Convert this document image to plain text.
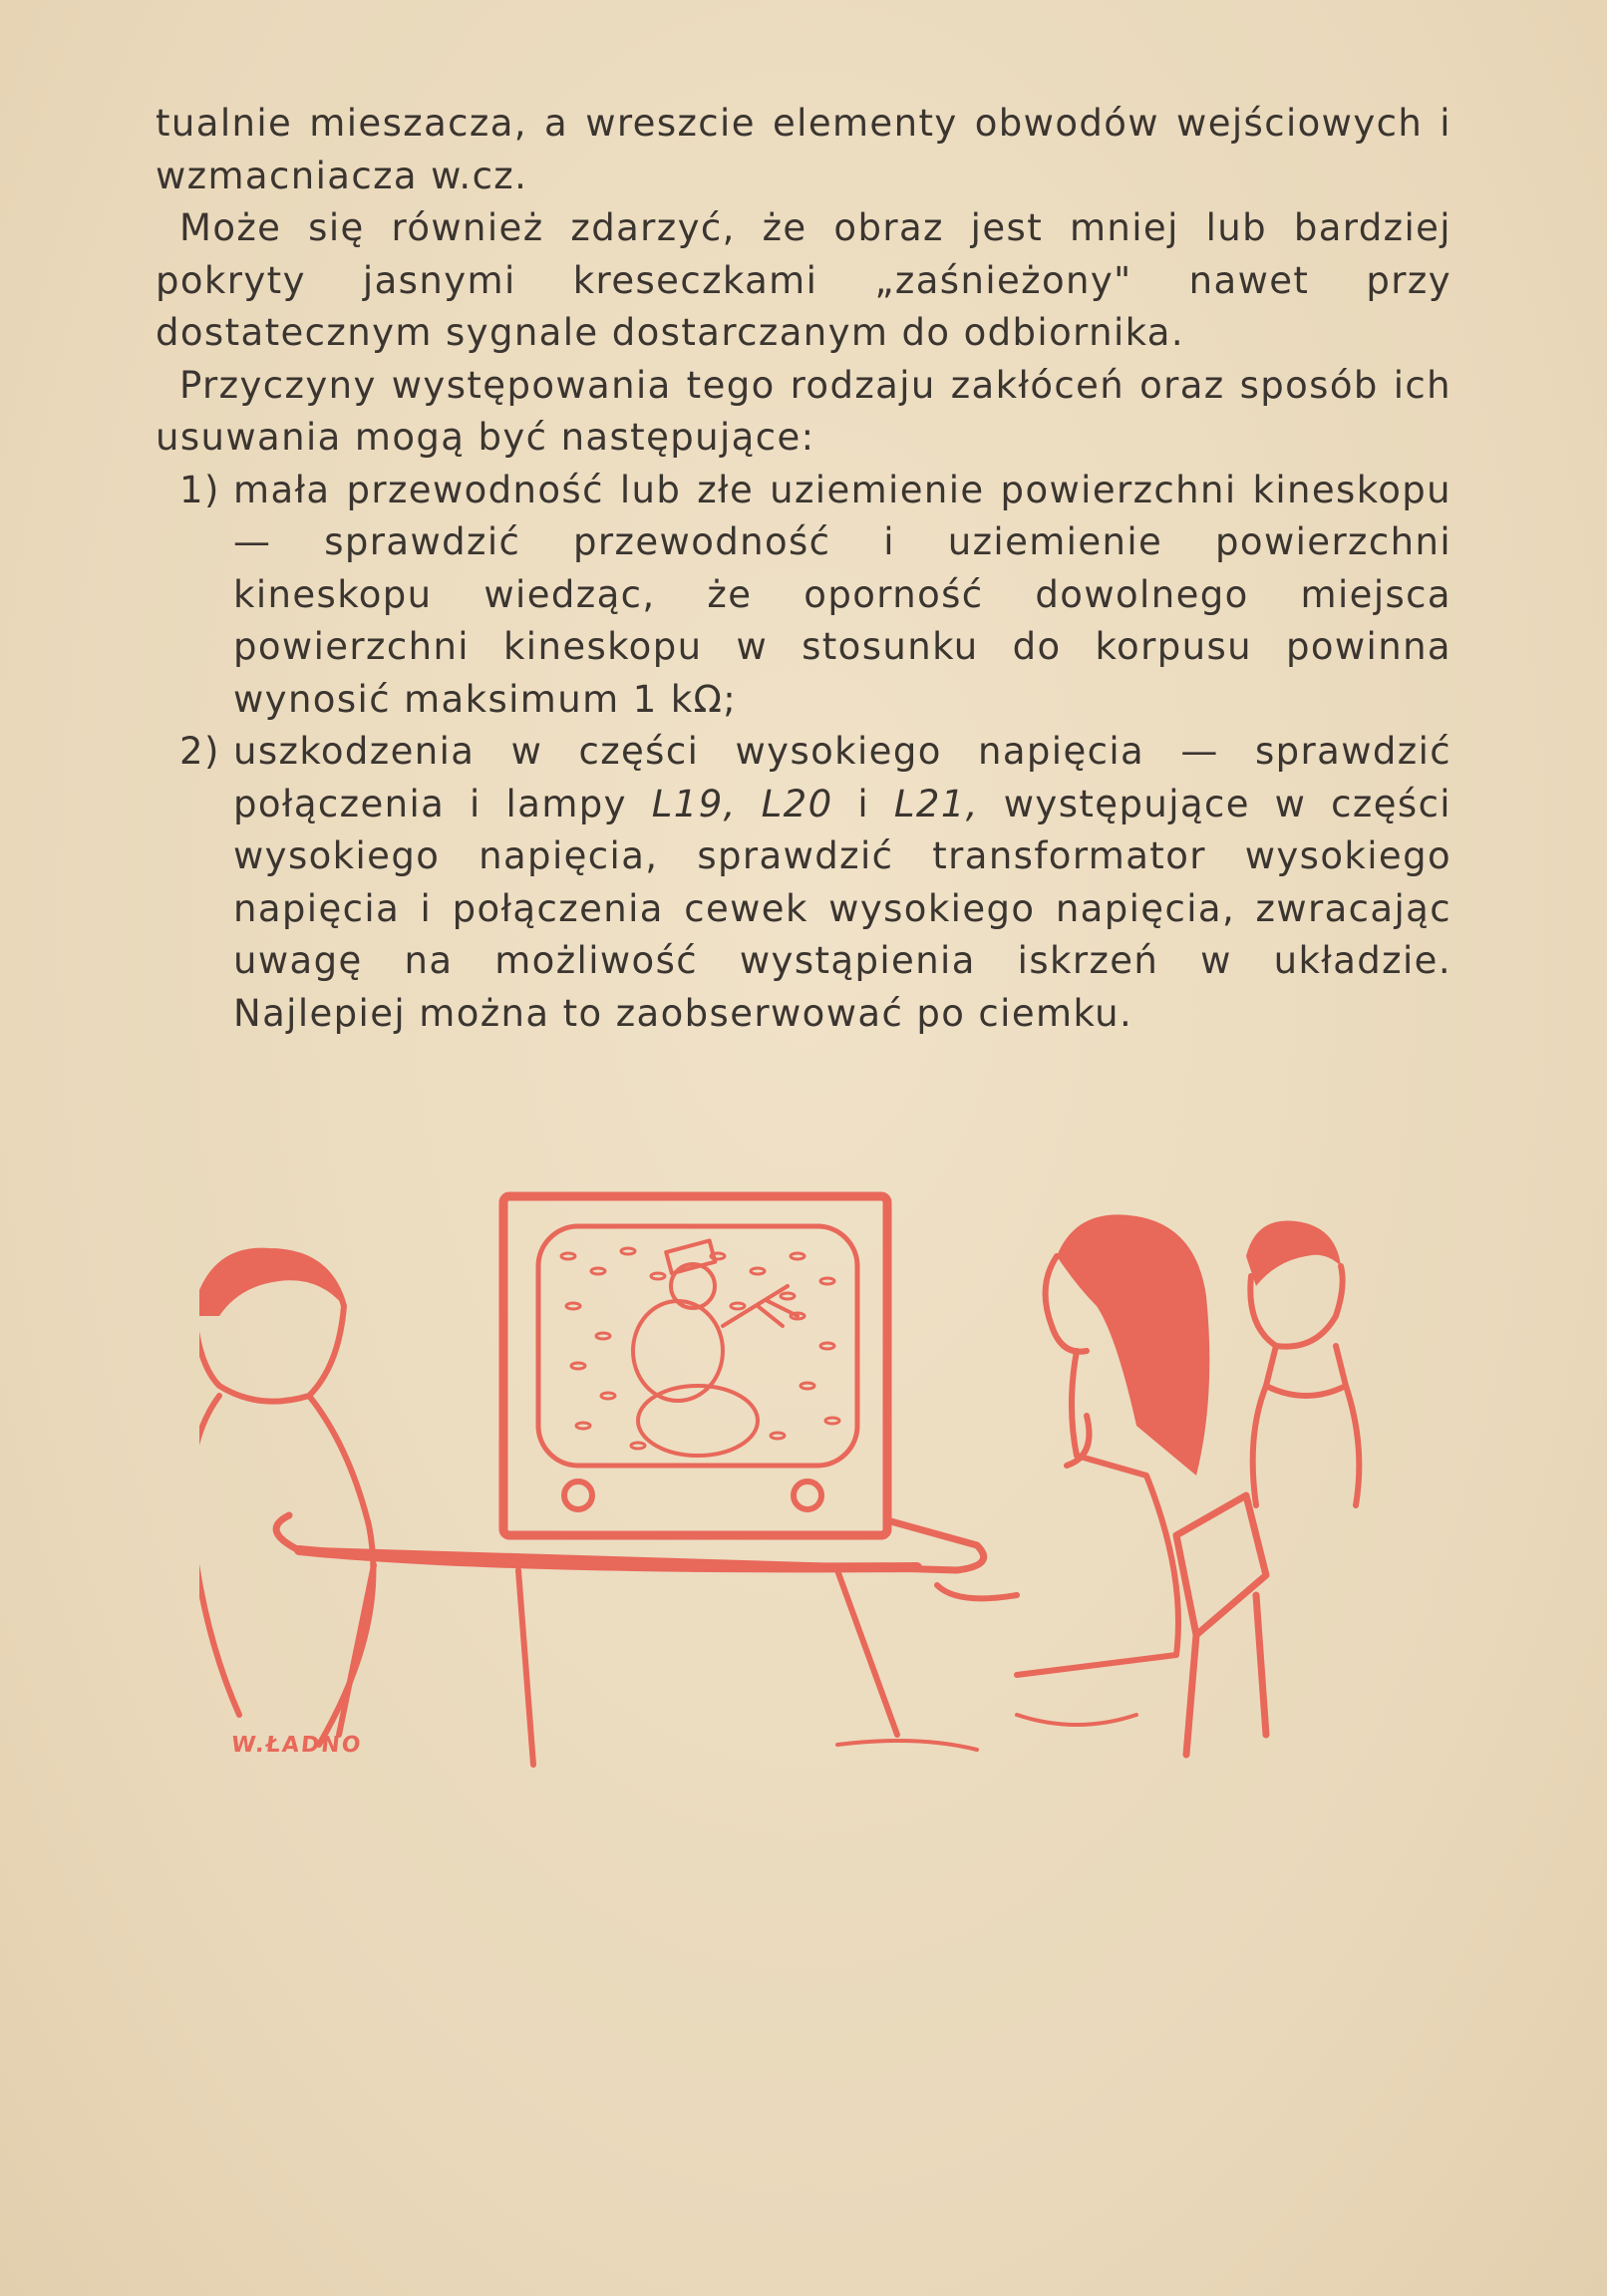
tualnie mieszacza, a wreszcie elementy obwodów wejściowych i wzmacniacza w.cz.

Może się również zdarzyć, że obraz jest mniej lub bardziej pokryty jasnymi kreseczkami „zaśnieżony" nawet przy dostatecznym sygnale dostarczanym do odbiornika.

Przyczyny występowania tego rodzaju zakłóceń oraz sposób ich usuwania mogą być następujące:

1) mała przewodność lub złe uziemienie powierzchni kineskopu — sprawdzić przewodność i uziemienie powierzchni kineskopu wiedząc, że oporność dowolnego miejsca powierzchni kineskopu w stosunku do korpusu powinna wynosić maksimum 1 kΩ;
2) uszkodzenia w części wysokiego napięcia — sprawdzić połączenia i lampy L19, L20 i L21, występujące w części wysokiego napięcia, sprawdzić transformator wysokiego napięcia i połączenia cewek wysokiego napięcia, zwracając uwagę na możliwość wystąpienia iskrzeń w układzie. Najlepiej można to zaobserwować po ciemku.
W.ŁADNO
